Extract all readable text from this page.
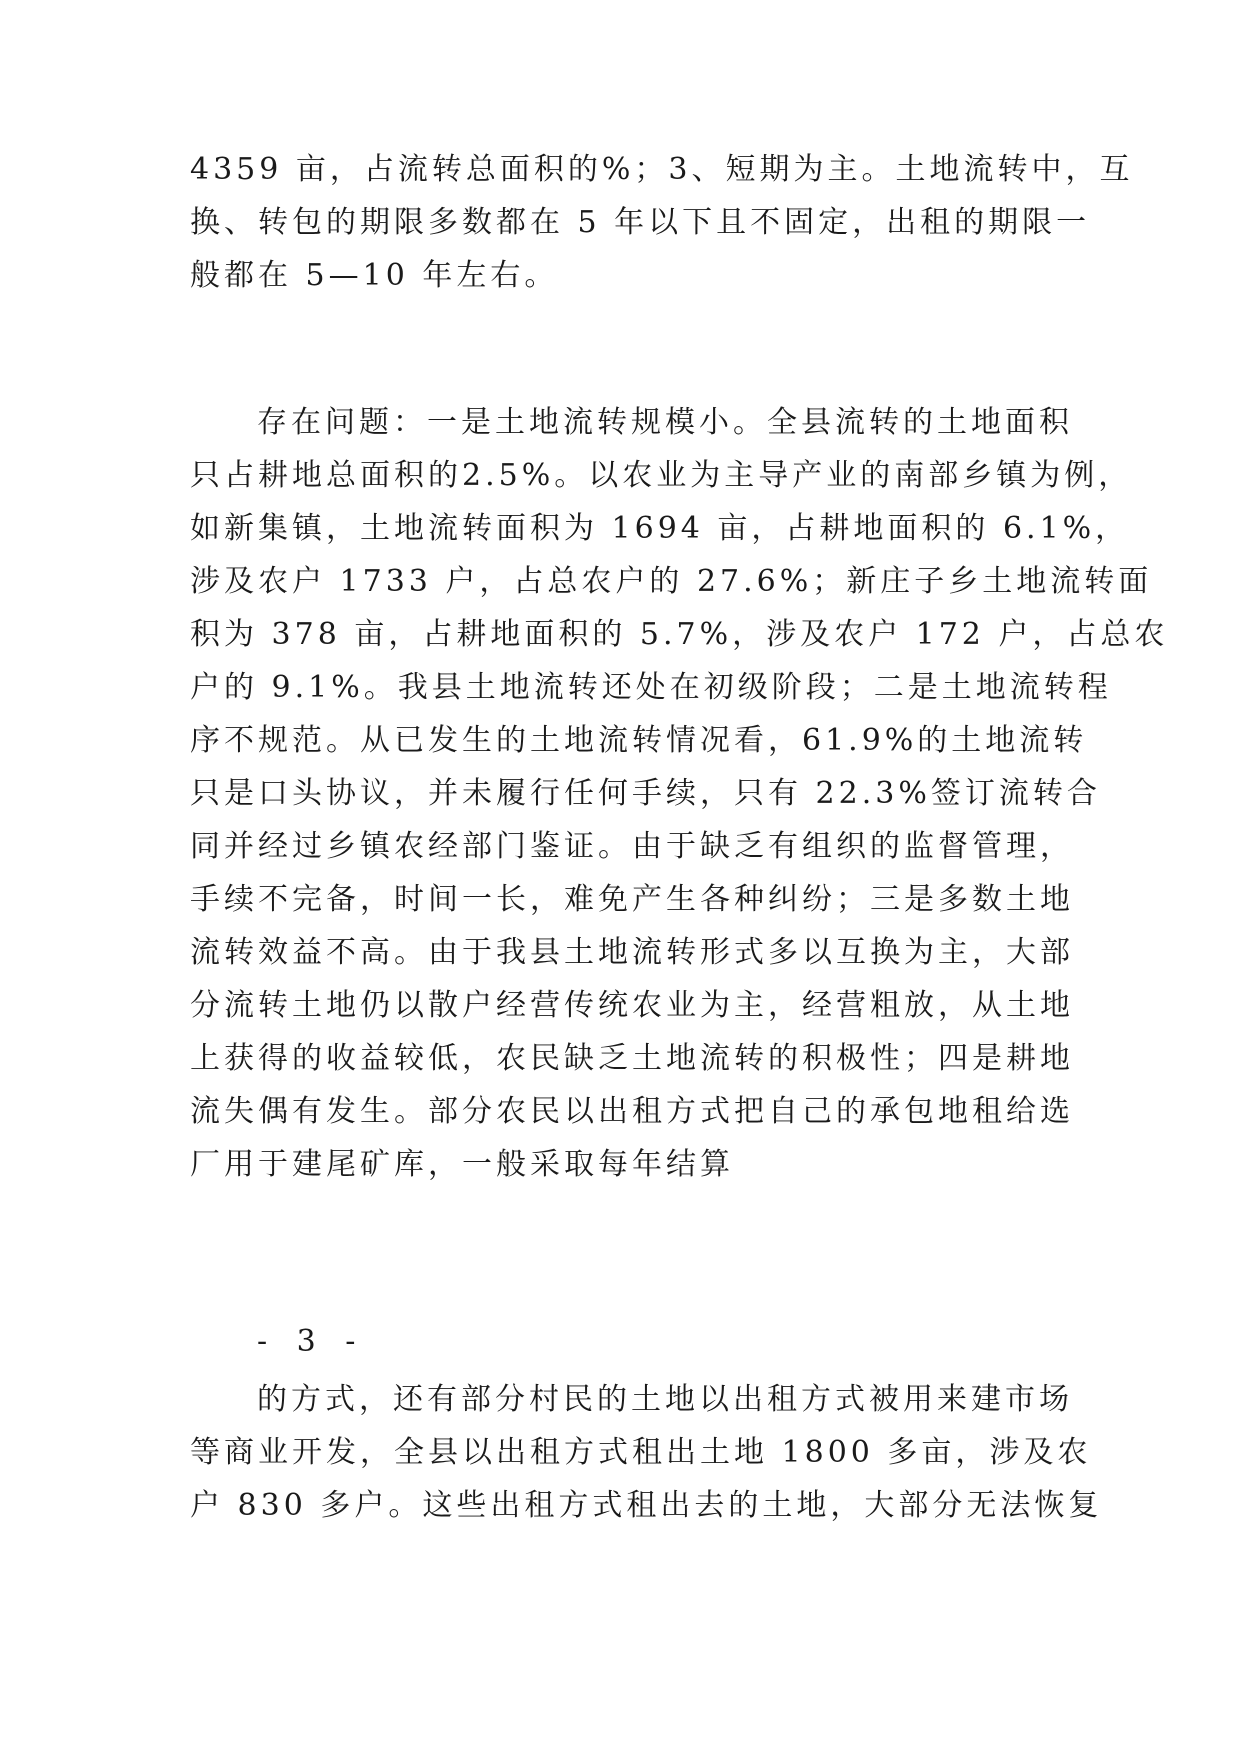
4359 亩，占流转总面积的%；3、短期为主。土地流转中，互
换、转包的期限多数都在 5 年以下且不固定，出租的期限一
般都在 5—10 年左右。
存在问题：一是土地流转规模小。全县流转的土地面积
只占耕地总面积的2.5%。以农业为主导产业的南部乡镇为例，
如新集镇，土地流转面积为 1694 亩，占耕地面积的 6.1%，
涉及农户 1733 户，占总农户的 27.6%；新庄子乡土地流转面
积为 378 亩，占耕地面积的 5.7%，涉及农户 172 户，占总农
户的 9.1%。我县土地流转还处在初级阶段；二是土地流转程
序不规范。从已发生的土地流转情况看，61.9%的土地流转
只是口头协议，并未履行任何手续，只有 22.3%签订流转合
同并经过乡镇农经部门鉴证。由于缺乏有组织的监督管理，
手续不完备，时间一长，难免产生各种纠纷；三是多数土地
流转效益不高。由于我县土地流转形式多以互换为主，大部
分流转土地仍以散户经营传统农业为主，经营粗放，从土地
上获得的收益较低，农民缺乏土地流转的积极性；四是耕地
流失偶有发生。部分农民以出租方式把自己的承包地租给选
厂用于建尾矿库，一般采取每年结算
- 3 -
的方式，还有部分村民的土地以出租方式被用来建市场
等商业开发，全县以出租方式租出土地 1800 多亩，涉及农
户 830 多户。这些出租方式租出去的土地，大部分无法恢复
